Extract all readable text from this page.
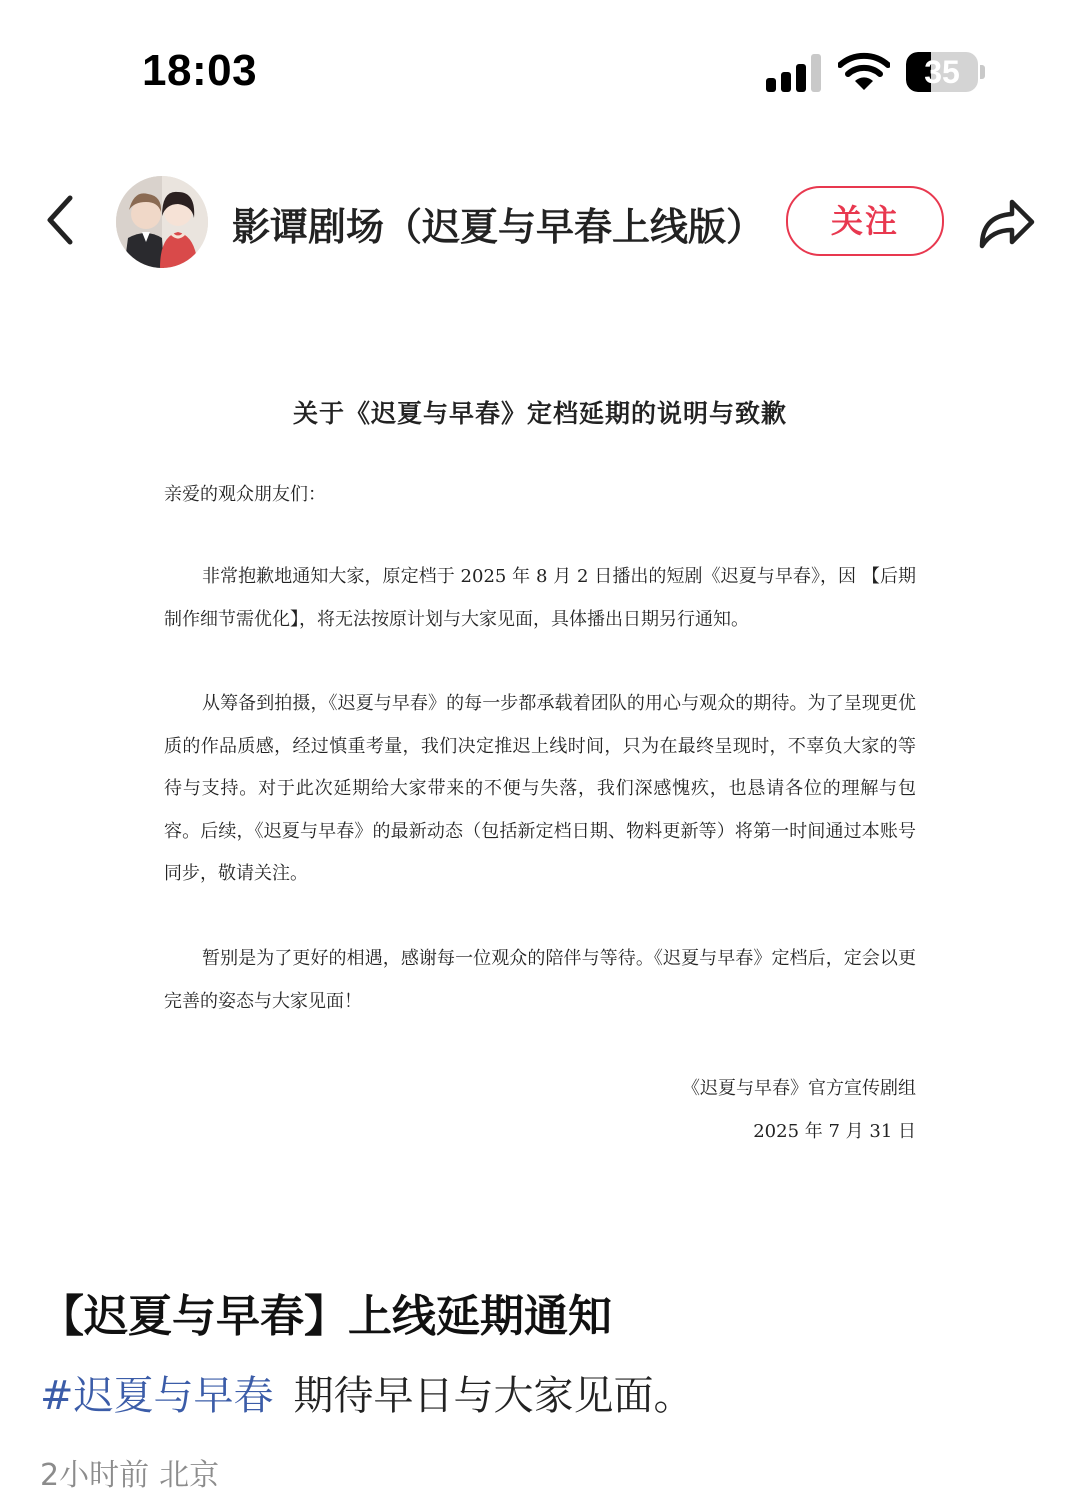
18:03	35
影谭剧场（迟夏与早春上线版）	关注
关于《迟夏与早春》定档延期的说明与致歉
亲爱的观众朋友们：

非常抱歉地通知大家，原定档于 2025 年 8 月 2 日播出的短剧《迟夏与早春》，因 【后期制作细节需优化】，将无法按原计划与大家见面，具体播出日期另行通知。

从筹备到拍摄，《迟夏与早春》的每一步都承载着团队的用心与观众的期待。为了呈现更优质的作品质感，经过慎重考量，我们决定推迟上线时间，只为在最终呈现时，不辜负大家的等待与支持。对于此次延期给大家带来的不便与失落，我们深感愧疚，也恳请各位的理解与包容。后续，《迟夏与早春》的最新动态（包括新定档日期、物料更新等）将第一时间通过本账号同步，敬请关注。

暂别是为了更好的相遇，感谢每一位观众的陪伴与等待。《迟夏与早春》定档后，定会以更完善的姿态与大家见面！

《迟夏与早春》官方宣传剧组
2025 年 7 月 31 日
【迟夏与早春】上线延期通知
#迟夏与早春 期待早日与大家见面。
2小时前 北京
